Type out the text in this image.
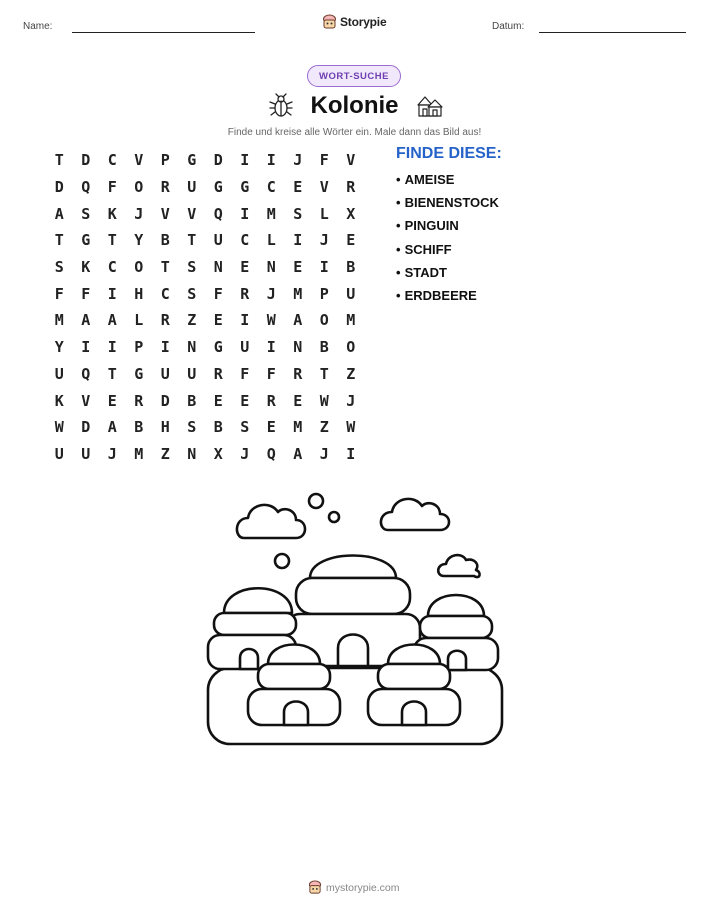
Name:	Storypie	Datum:
WORT-SUCHE
Kolonie
Finde und kreise alle Wörter ein. Male dann das Bild aus!
T	D	C	V	P	G	D	I	I	J	F	V
D	Q	F	O	R	U	G	G	C	E	V	R
A	S	K	J	V	V	Q	I	M	S	L	X
T	G	T	Y	B	T	U	C	L	I	J	E
S	K	C	O	T	S	N	E	N	E	I	B
F	F	I	H	C	S	F	R	J	M	P	U
M	A	A	L	R	Z	E	I	W	A	O	M
Y	I	I	P	I	N	G	U	I	N	B	O
U	Q	T	G	U	U	R	F	F	R	T	Z
K	V	E	R	D	B	E	E	R	E	W	J
W	D	A	B	H	S	B	S	E	M	Z	W
U	U	J	M	Z	N	X	J	Q	A	J	I
FINDE DIESE:
• AMEISE
• BIENENSTOCK
• PINGUIN
• SCHIFF
• STADT
• ERDBEERE
mystorypie.com
